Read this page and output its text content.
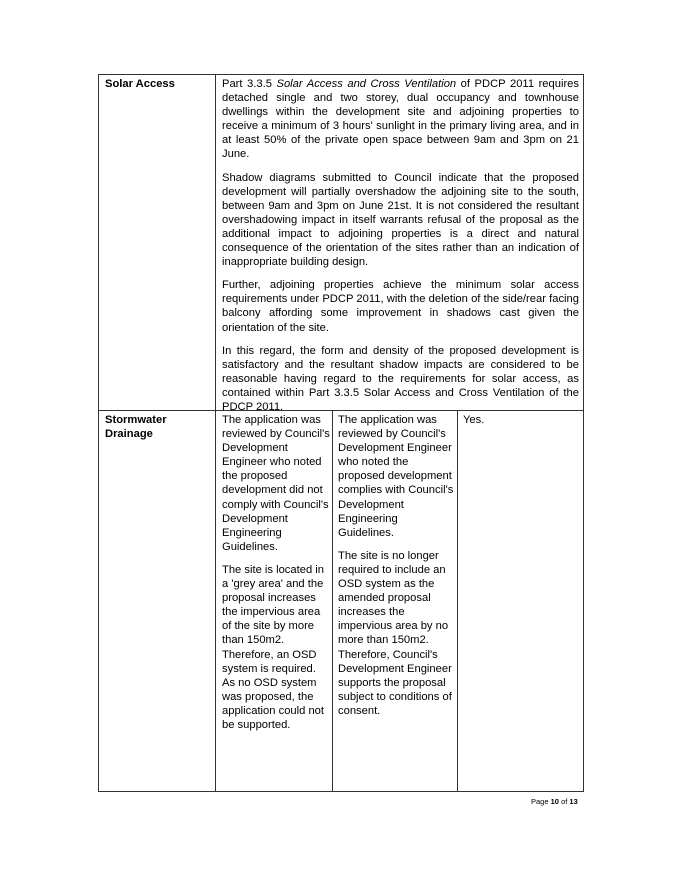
Solar Access	Part 3.3.5 Solar Access and Cross Ventilation of PDCP 2011 requires detached single and two storey, dual occupancy and townhouse dwellings within the development site and adjoining properties to receive a minimum of 3 hours' sunlight in the primary living area, and in at least 50% of the private open space between 9am and 3pm on 21 June.

Shadow diagrams submitted to Council indicate that the proposed development will partially overshadow the adjoining site to the south, between 9am and 3pm on June 21st. It is not considered the resultant overshadowing impact in itself warrants refusal of the proposal as the additional impact to adjoining properties is a direct and natural consequence of the orientation of the sites rather than an indication of inappropriate building design.

Further, adjoining properties achieve the minimum solar access requirements under PDCP 2011, with the deletion of the side/rear facing balcony affording some improvement in shadows cast given the orientation of the site.

In this regard, the form and density of the proposed development is satisfactory and the resultant shadow impacts are considered to be reasonable having regard to the requirements for solar access, as contained within Part 3.3.5 Solar Access and Cross Ventilation of the PDCP 2011.

Stormwater Drainage

The application was reviewed by Council's Development Engineer who noted the proposed development did not comply with Council's Development Engineering Guidelines.

The site is located in a 'grey area' and the proposal increases the impervious area of the site by more than 150m2. Therefore, an OSD system is required. As no OSD system was proposed, the application could not be supported.

The application was reviewed by Council's Development Engineer who noted the proposed development complies with Council's Development Engineering Guidelines.

The site is no longer required to include an OSD system as the amended proposal increases the impervious area by no more than 150m2. Therefore, Council's Development Engineer supports the proposal subject to conditions of consent.

Yes.
Page 10 of 13
